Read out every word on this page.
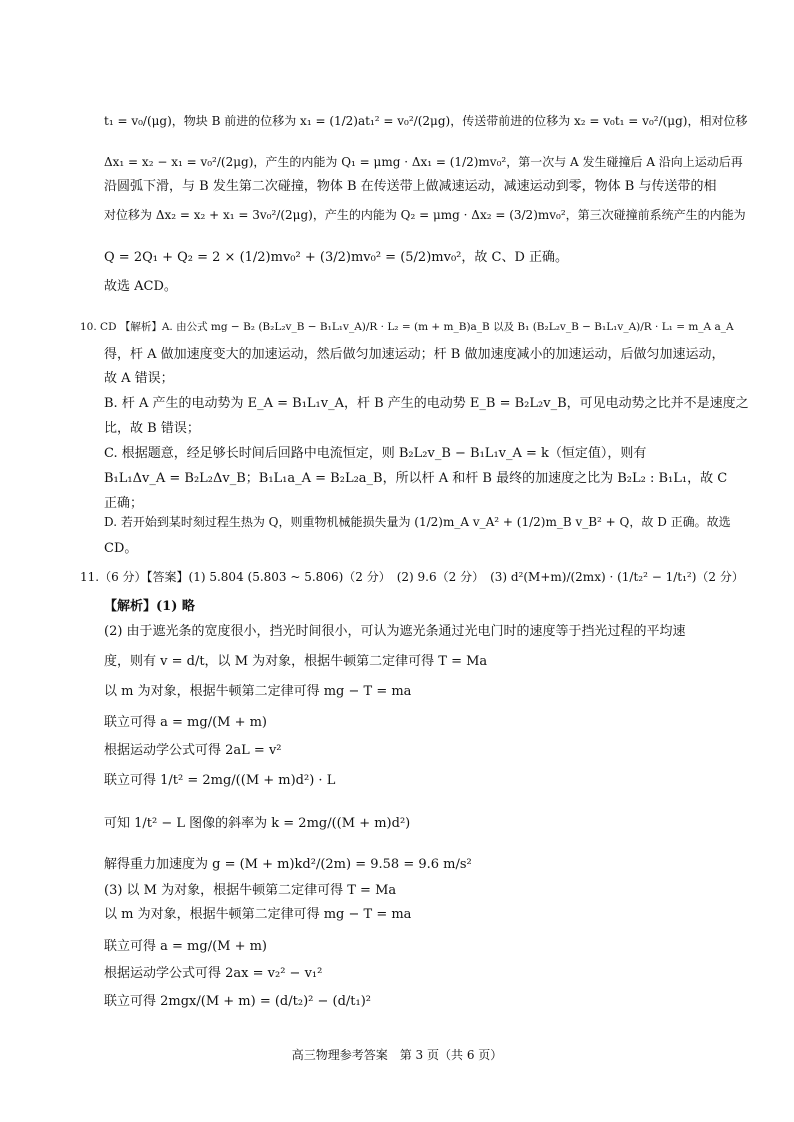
t₁ = v₀/(μg)，物块 B 前进的位移为 x₁ = (1/2)at₁² = v₀²/(2μg)，传送带前进的位移为 x₂ = v₀t₁ = v₀²/(μg)，相对位移
Δx₁ = x₂ − x₁ = v₀²/(2μg)，产生的内能为 Q₁ = μmg · Δx₁ = (1/2)mv₀²，第一次与 A 发生碰撞后 A 沿向上运动后再
沿圆弧下滑，与 B 发生第二次碰撞，物体 B 在传送带上做减速运动，减速运动到零，物体 B 与传送带的相
对位移为 Δx₂ = x₂ + x₁ = 3v₀²/(2μg)，产生的内能为 Q₂ = μmg · Δx₂ = (3/2)mv₀²，第三次碰撞前系统产生的内能为
Q = 2Q₁ + Q₂ = 2 × (1/2)mv₀² + (3/2)mv₀² = (5/2)mv₀²，故 C、D 正确。
故选 ACD。
10. CD 【解析】A. 由公式 mg − B₂ (B₂L₂v_B − B₁L₁v_A)/R · L₂ = (m + m_B)a_B 以及 B₁ (B₂L₂v_B − B₁L₁v_A)/R · L₁ = m_A a_A
得，杆 A 做加速度变大的加速运动，然后做匀加速运动；杆 B 做加速度减小的加速运动，后做匀加速运动，
故 A 错误；
B. 杆 A 产生的电动势为 E_A = B₁L₁v_A，杆 B 产生的电动势 E_B = B₂L₂v_B，可见电动势之比并不是速度之
比，故 B 错误；
C. 根据题意，经足够长时间后回路中电流恒定，则 B₂L₂v_B − B₁L₁v_A = k（恒定值），则有
B₁L₁Δv_A = B₂L₂Δv_B；B₁L₁a_A = B₂L₂a_B，所以杆 A 和杆 B 最终的加速度之比为 B₂L₂ : B₁L₁，故 C
正确；
D. 若开始到某时刻过程生热为 Q，则重物机械能损失量为 (1/2)m_A v_A² + (1/2)m_B v_B² + Q，故 D 正确。故选
CD。
11.（6 分）【答案】(1) 5.804 (5.803 ~ 5.806)（2 分）　(2) 9.6（2 分）　(3) d²(M+m)/(2mx) · (1/t₂² − 1/t₁²)（2 分）
【解析】(1) 略
(2) 由于遮光条的宽度很小，挡光时间很小，可认为遮光条通过光电门时的速度等于挡光过程的平均速
度，则有 v = d/t，以 M 为对象，根据牛顿第二定律可得 T = Ma
以 m 为对象，根据牛顿第二定律可得 mg − T = ma
联立可得 a = mg/(M + m)
根据运动学公式可得 2aL = v²
联立可得 1/t² = 2mg/((M + m)d²) · L
可知 1/t² − L 图像的斜率为 k = 2mg/((M + m)d²)
解得重力加速度为 g = (M + m)kd²/(2m) = 9.58 = 9.6 m/s²
(3) 以 M 为对象，根据牛顿第二定律可得 T = Ma
以 m 为对象，根据牛顿第二定律可得 mg − T = ma
联立可得 a = mg/(M + m)
根据运动学公式可得 2ax = v₂² − v₁²
联立可得 2mgx/(M + m) = (d/t₂)² − (d/t₁)²
高三物理参考答案　第 3 页（共 6 页）
